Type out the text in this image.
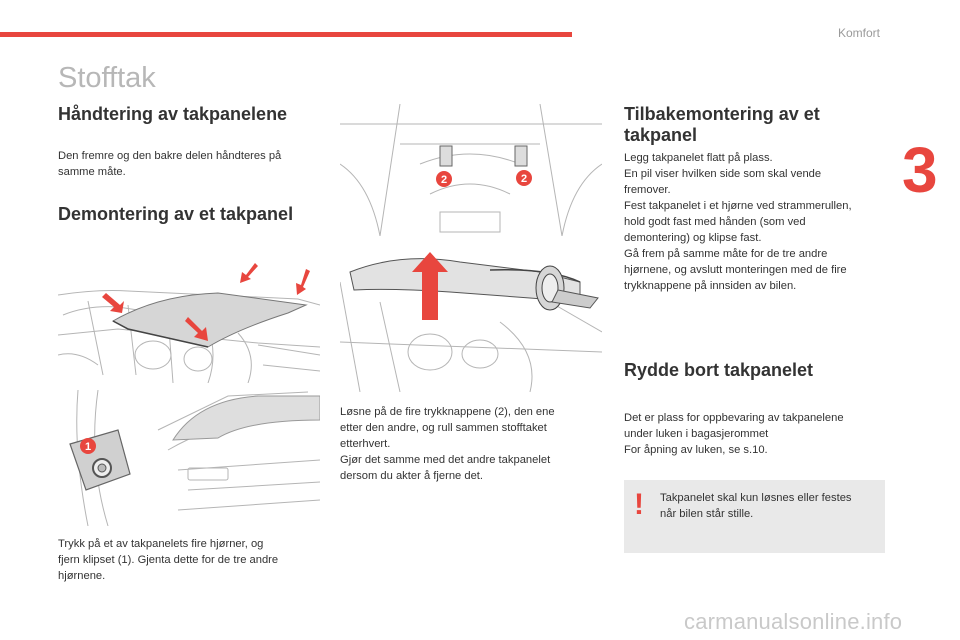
Komfort
3
Stofftak
Håndtering av takpanelene

Den fremre og den bakre delen håndteres på
samme måte.

Demontering av et takpanel
1

Trykk på et av takpanelets fire hjørner, og
fjern klipset (1). Gjenta dette for de tre andre
hjørnene.

2	2

Løsne på de fire trykknappene (2), den ene
etter den andre, og rull sammen stofftaket
etterhvert.
Gjør det samme med det andre takpanelet
dersom du akter å fjerne det.

Tilbakemontering av et
takpanel

Legg takpanelet flatt på plass.
En pil viser hvilken side som skal vende
fremover.
Fest takpanelet i et hjørne ved strammerullen,
hold godt fast med hånden (som ved
demontering) og klipse fast.
Gå frem på samme måte for de tre andre
hjørnene, og avslutt monteringen med de fire
trykknappene på innsiden av bilen.

Rydde bort takpanelet

Det er plass for oppbevaring av takpanelene
under luken i bagasjerommet
For åpning av luken, se s.10.

! Takpanelet skal kun løsnes eller festes
når bilen står stille.
carmanualsonline.info
